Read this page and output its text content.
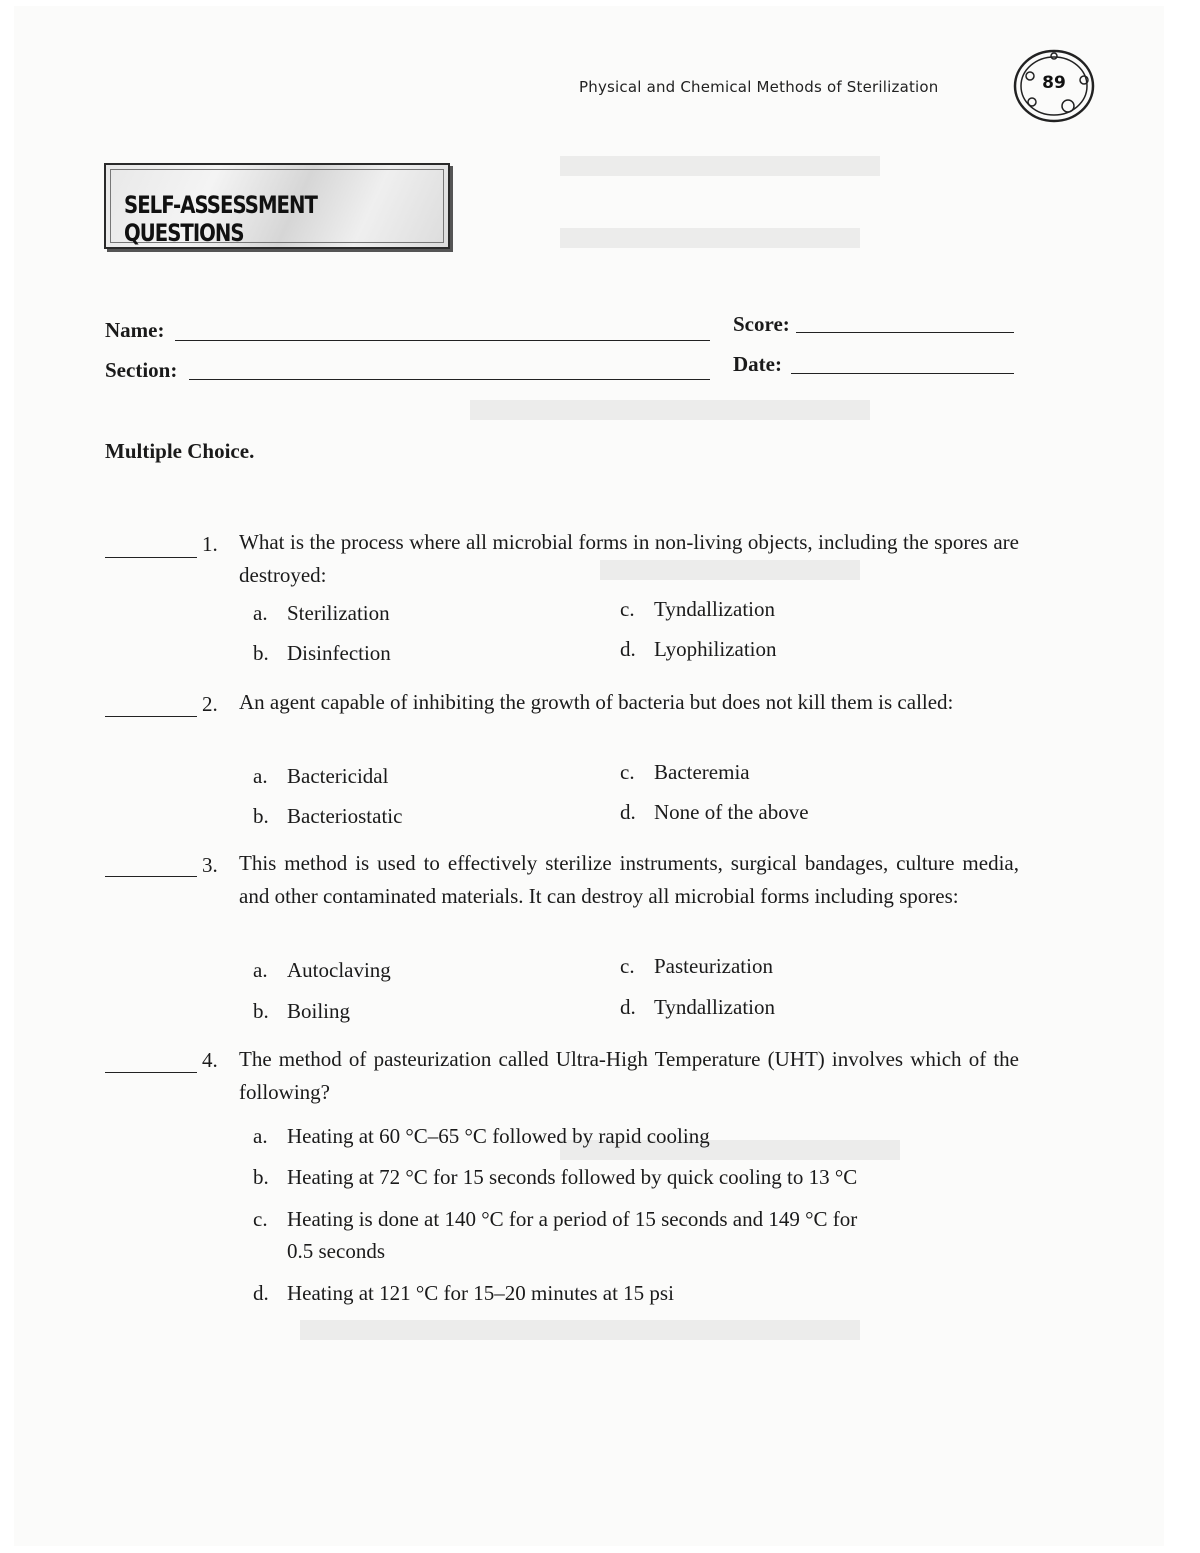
Physical and Chemical Methods of Sterilization	89
SELF-ASSESSMENT QUESTIONS
Name:	Score:
Section:	Date:
Multiple Choice.
1. What is the process where all microbial forms in non-living objects, including the spores are destroyed:
a. Sterilization
b. Disinfection
c. Tyndallization
d. Lyophilization
2. An agent capable of inhibiting the growth of bacteria but does not kill them is called:
a. Bactericidal
b. Bacteriostatic
c. Bacteremia
d. None of the above
3. This method is used to effectively sterilize instruments, surgical bandages, culture media, and other contaminated materials. It can destroy all microbial forms including spores:
a. Autoclaving
b. Boiling
c. Pasteurization
d. Tyndallization
4. The method of pasteurization called Ultra-High Temperature (UHT) involves which of the following?
a. Heating at 60 °C–65 °C followed by rapid cooling
b. Heating at 72 °C for 15 seconds followed by quick cooling to 13 °C
c. Heating is done at 140 °C for a period of 15 seconds and 149 °C for 0.5 seconds
d. Heating at 121 °C for 15–20 minutes at 15 psi
